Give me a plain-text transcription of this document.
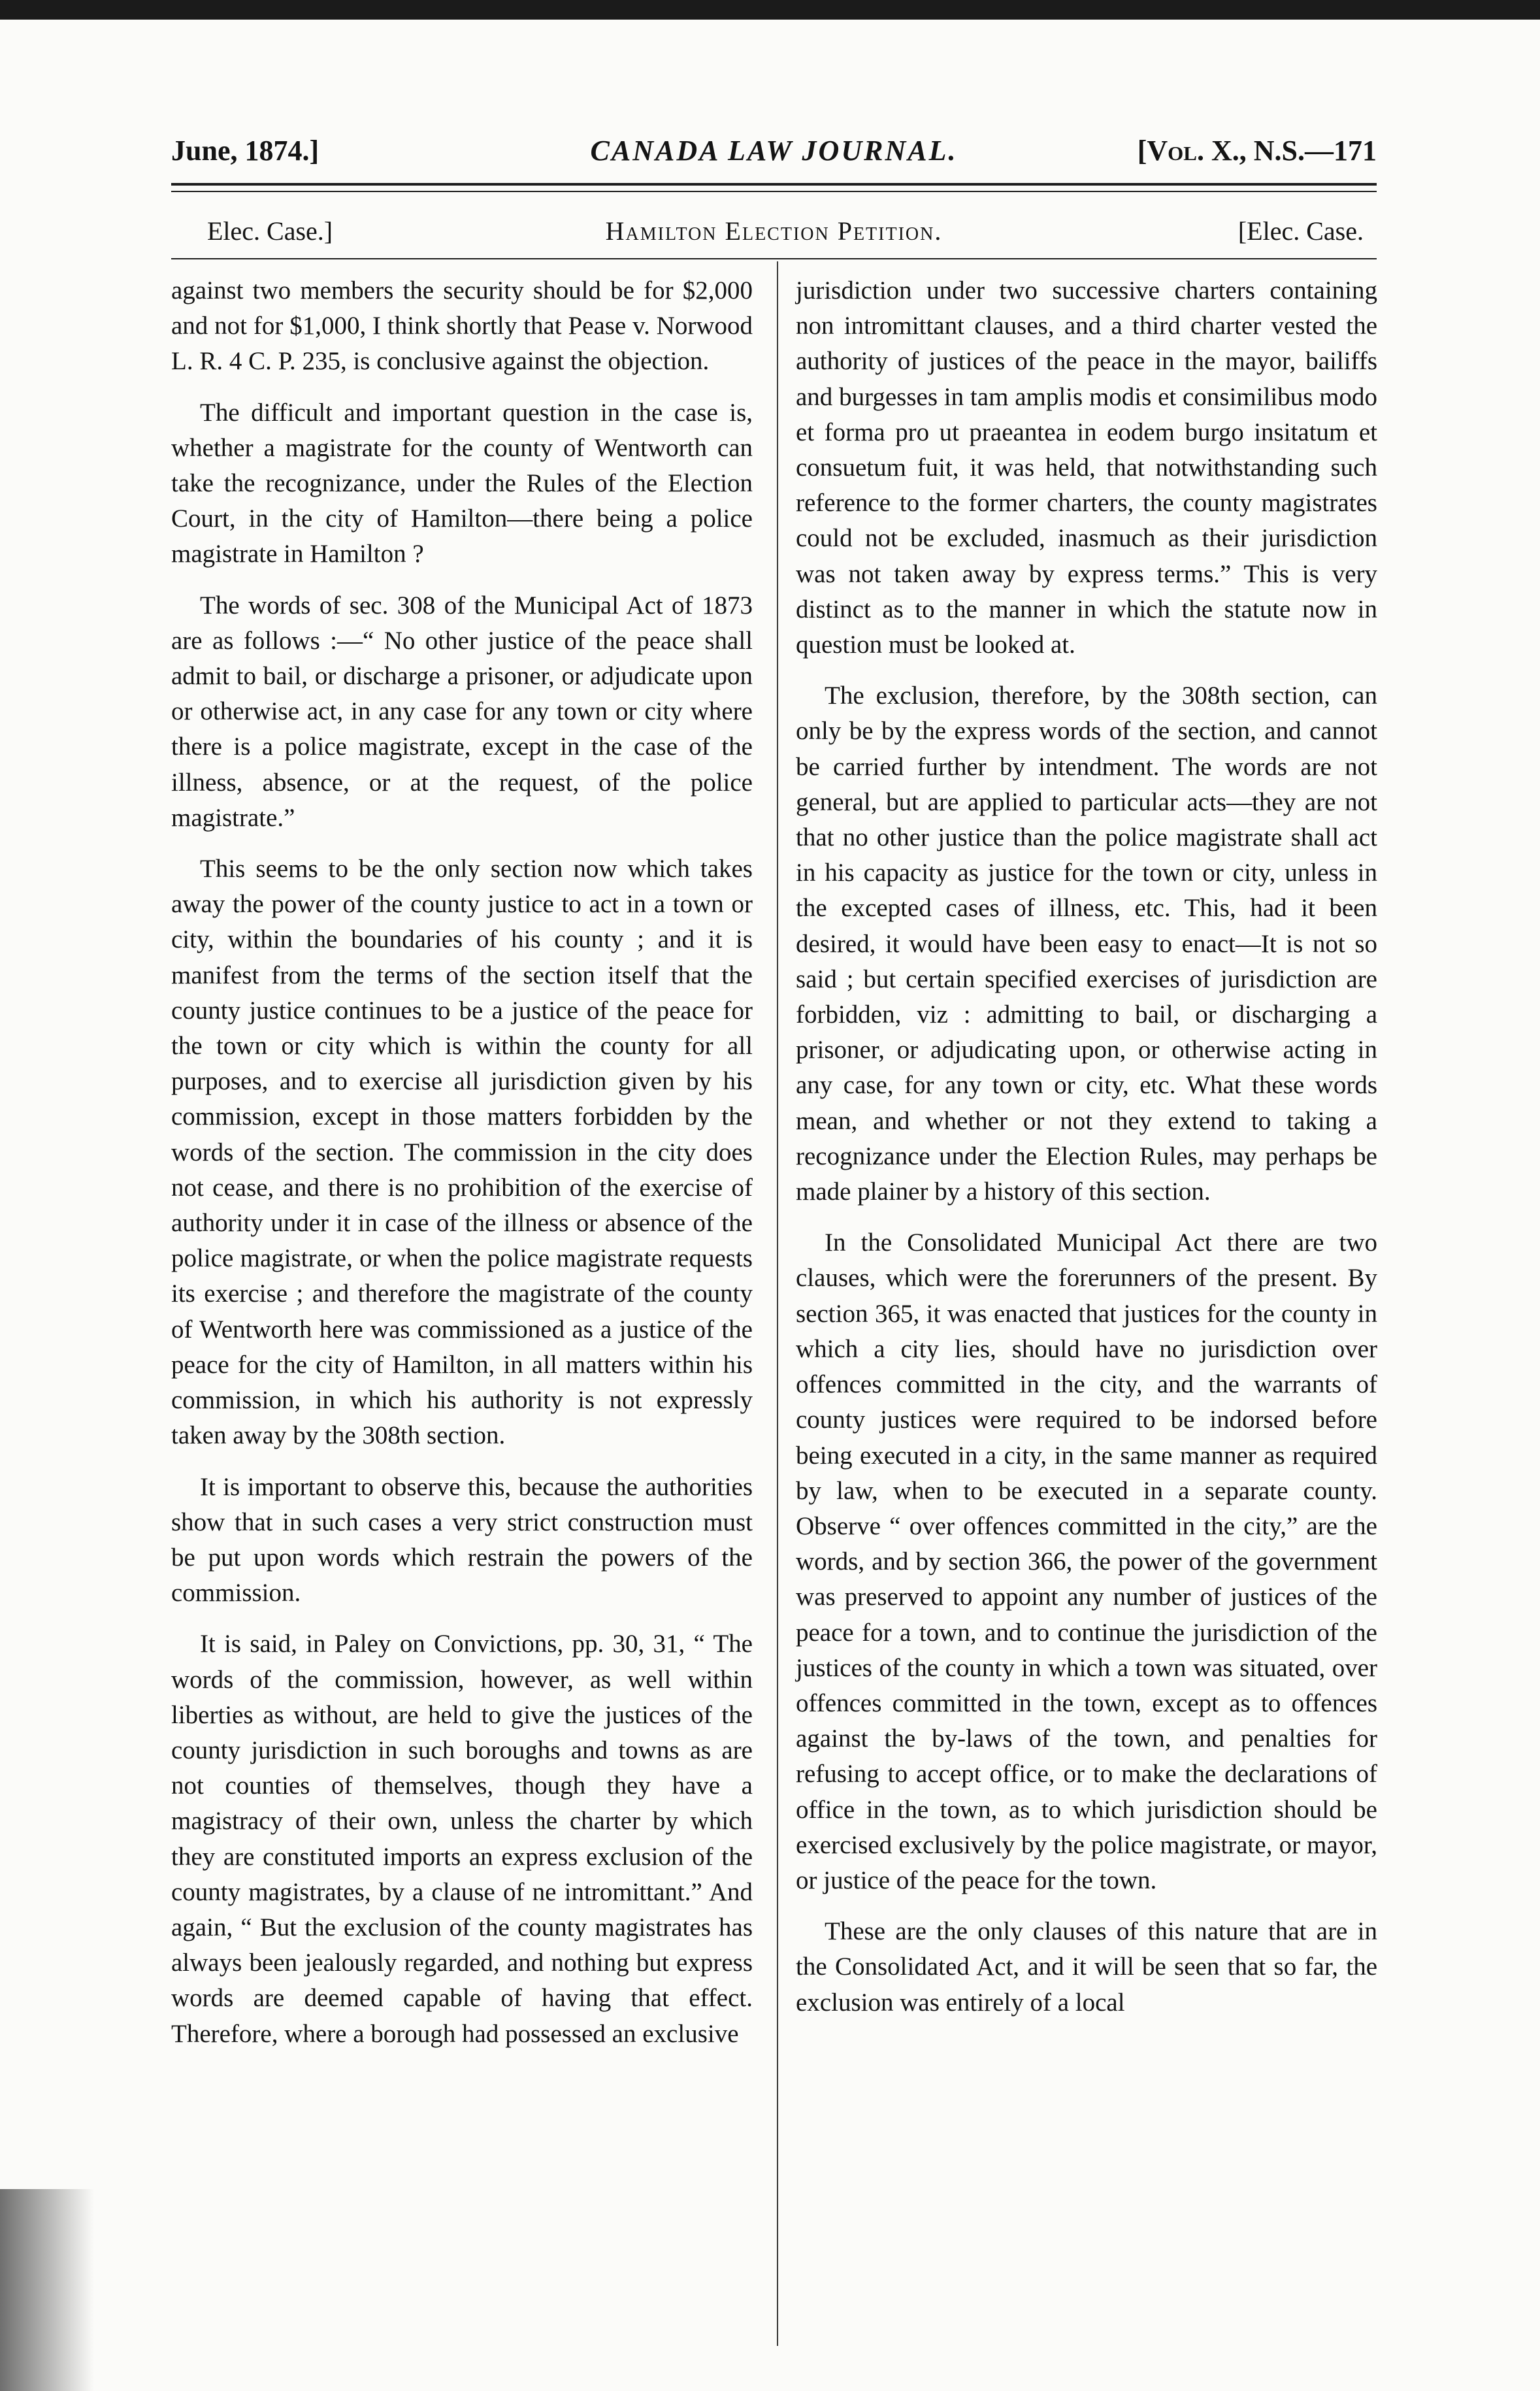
June, 1874.]	CANADA LAW JOURNAL.	[Vol. X., N.S.—171
Elec. Case.]	Hamilton Election Petition.	[Elec. Case.

against two members the security should be for $2,000 and not for $1,000, I think shortly that Pease v. Norwood L. R. 4 C. P. 235, is conclusive against the objection.

The difficult and important question in the case is, whether a magistrate for the county of Wentworth can take the recognizance, under the Rules of the Election Court, in the city of Hamilton—there being a police magistrate in Hamilton ?

The words of sec. 308 of the Municipal Act of 1873 are as follows :—“ No other justice of the peace shall admit to bail, or discharge a prisoner, or adjudicate upon or otherwise act, in any case for any town or city where there is a police magistrate, except in the case of the illness, absence, or at the request, of the police magistrate.”

This seems to be the only section now which takes away the power of the county justice to act in a town or city, within the boundaries of his county ; and it is manifest from the terms of the section itself that the county justice continues to be a justice of the peace for the town or city which is within the county for all purposes, and to exercise all jurisdiction given by his commission, except in those matters forbidden by the words of the section. The commission in the city does not cease, and there is no prohibition of the exercise of authority under it in case of the illness or absence of the police magistrate, or when the police magistrate requests its exercise ; and therefore the magistrate of the county of Wentworth here was commissioned as a justice of the peace for the city of Hamilton, in all matters within his commission, in which his authority is not expressly taken away by the 308th section.

It is important to observe this, because the authorities show that in such cases a very strict construction must be put upon words which restrain the powers of the commission.

It is said, in Paley on Convictions, pp. 30, 31, “ The words of the commission, however, as well within liberties as without, are held to give the justices of the county jurisdiction in such boroughs and towns as are not counties of themselves, though they have a magistracy of their own, unless the charter by which they are constituted imports an express exclusion of the county magistrates, by a clause of ne intromittant.” And again, “ But the exclusion of the county magistrates has always been jealously regarded, and nothing but express words are deemed capable of having that effect. Therefore, where a borough had possessed an exclusive

jurisdiction under two successive charters containing non intromittant clauses, and a third charter vested the authority of justices of the peace in the mayor, bailiffs and burgesses in tam amplis modis et consimilibus modo et forma pro ut praeantea in eodem burgo insitatum et consuetum fuit, it was held, that notwithstanding such reference to the former charters, the county magistrates could not be excluded, inasmuch as their jurisdiction was not taken away by express terms.” This is very distinct as to the manner in which the statute now in question must be looked at.

The exclusion, therefore, by the 308th section, can only be by the express words of the section, and cannot be carried further by intendment. The words are not general, but are applied to particular acts—they are not that no other justice than the police magistrate shall act in his capacity as justice for the town or city, unless in the excepted cases of illness, etc. This, had it been desired, it would have been easy to enact—It is not so said ; but certain specified exercises of jurisdiction are forbidden, viz : admitting to bail, or discharging a prisoner, or adjudicating upon, or otherwise acting in any case, for any town or city, etc. What these words mean, and whether or not they extend to taking a recognizance under the Election Rules, may perhaps be made plainer by a history of this section.

In the Consolidated Municipal Act there are two clauses, which were the forerunners of the present. By section 365, it was enacted that justices for the county in which a city lies, should have no jurisdiction over offences committed in the city, and the warrants of county justices were required to be indorsed before being executed in a city, in the same manner as required by law, when to be executed in a separate county. Observe “ over offences committed in the city,” are the words, and by section 366, the power of the government was preserved to appoint any number of justices of the peace for a town, and to continue the jurisdiction of the justices of the county in which a town was situated, over offences committed in the town, except as to offences against the by-laws of the town, and penalties for refusing to accept office, or to make the declarations of office in the town, as to which jurisdiction should be exercised exclusively by the police magistrate, or mayor, or justice of the peace for the town.

These are the only clauses of this nature that are in the Consolidated Act, and it will be seen that so far, the exclusion was entirely of a local
